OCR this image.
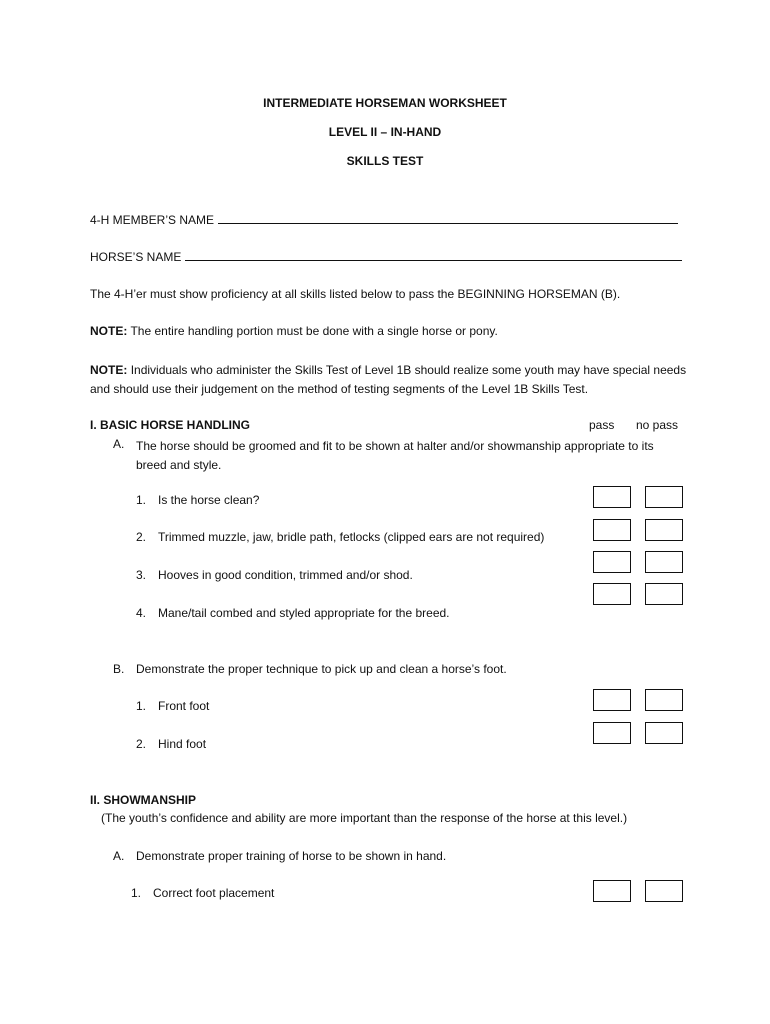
INTERMEDIATE HORSEMAN WORKSHEET
LEVEL II – IN-HAND
SKILLS TEST
4-H MEMBER’S NAME
HORSE’S NAME
The 4-H’er must show proficiency at all skills listed below to pass the BEGINNING HORSEMAN (B).
NOTE: The entire handling portion must be done with a single horse or pony.
NOTE: Individuals who administer the Skills Test of Level 1B should realize some youth may have special needs and should use their judgement on the method of testing segments of the Level 1B Skills Test.
I. BASIC HORSE HANDLING	pass no pass
A. The horse should be groomed and fit to be shown at halter and/or showmanship appropriate to its breed and style.
1. Is the horse clean?
2. Trimmed muzzle, jaw, bridle path, fetlocks (clipped ears are not required)
3. Hooves in good condition, trimmed and/or shod.
4. Mane/tail combed and styled appropriate for the breed.
B. Demonstrate the proper technique to pick up and clean a horse’s foot.
1. Front foot
2. Hind foot
II. SHOWMANSHIP
(The youth’s confidence and ability are more important than the response of the horse at this level.)
A. Demonstrate proper training of horse to be shown in hand.
1. Correct foot placement
